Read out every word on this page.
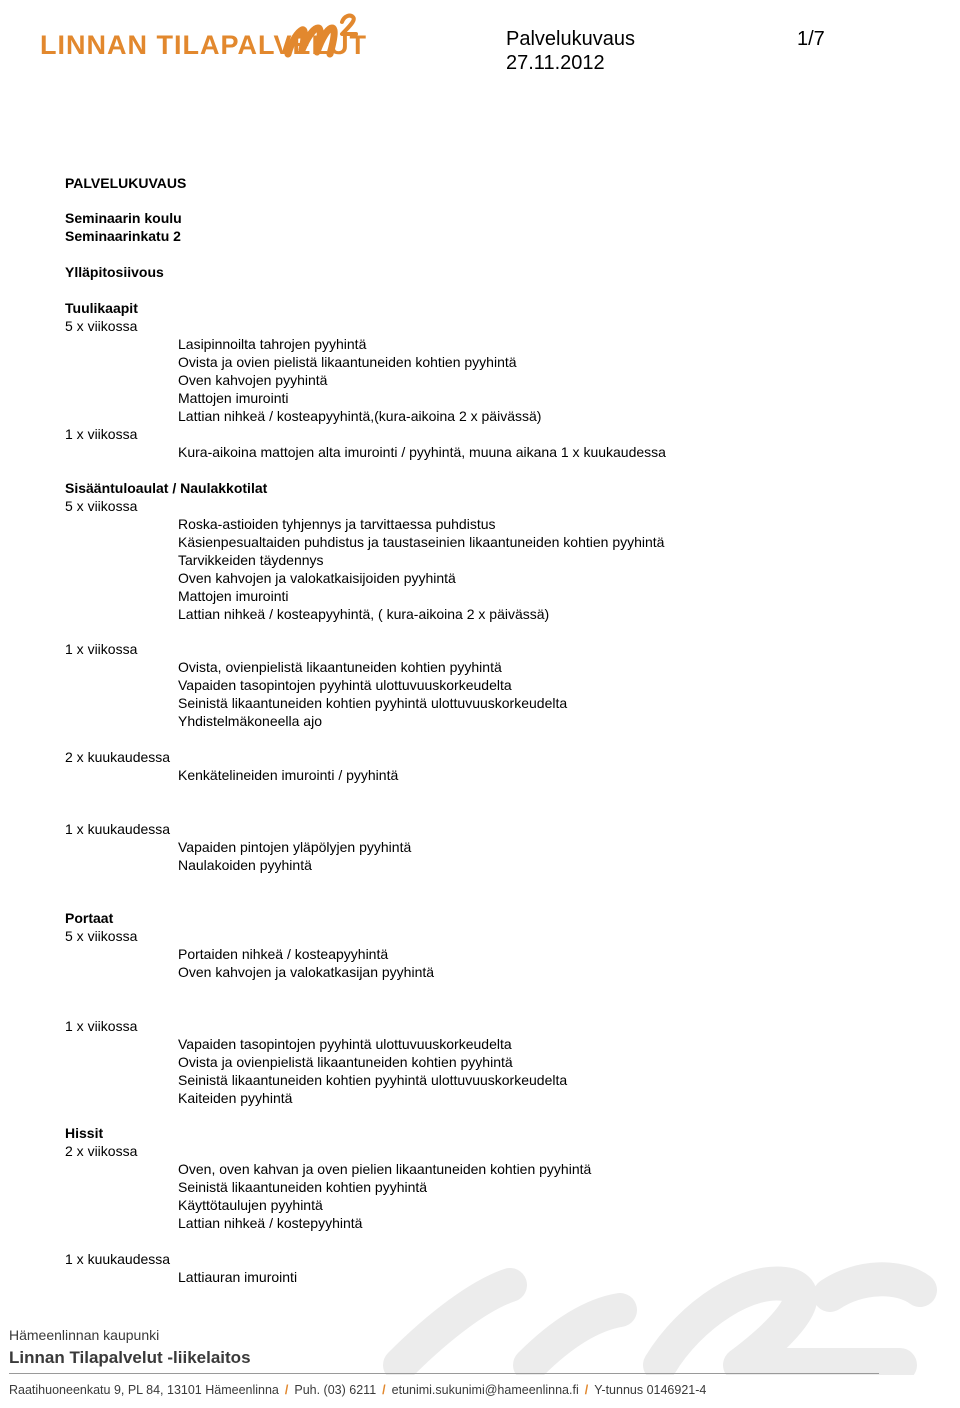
LINNAN TILAPALVELUT	Palvelukuvaus	1/7
27.11.2012
PALVELUKUVAUS
Seminaarin koulu
Seminaarinkatu 2
Ylläpitosiivous
Tuulikaapit
5 x viikossa
Lasipinnoilta tahrojen pyyhintä
Ovista ja ovien pielistä likaantuneiden kohtien pyyhintä
Oven kahvojen pyyhintä
Mattojen imurointi
Lattian nihkeä / kosteapyyhintä,(kura-aikoina 2 x päivässä)
1 x viikossa
Kura-aikoina mattojen alta imurointi / pyyhintä, muuna aikana 1 x kuukaudessa
Sisääntuloaulat / Naulakkotilat
5 x viikossa
Roska-astioiden tyhjennys ja tarvittaessa puhdistus
Käsienpesualtaiden puhdistus ja taustaseinien likaantuneiden kohtien pyyhintä
Tarvikkeiden täydennys
Oven kahvojen ja valokatkaisijoiden pyyhintä
Mattojen imurointi
Lattian nihkeä / kosteapyyhintä, ( kura-aikoina 2 x päivässä)
1 x viikossa
Ovista, ovienpielistä likaantuneiden kohtien pyyhintä
Vapaiden tasopintojen pyyhintä ulottuvuuskorkeudelta
Seinistä likaantuneiden kohtien pyyhintä ulottuvuuskorkeudelta
Yhdistelmäkoneella ajo
2 x kuukaudessa
Kenkätelineiden imurointi / pyyhintä
1 x kuukaudessa
Vapaiden pintojen yläpölyjen pyyhintä
Naulakoiden pyyhintä
Portaat
5 x viikossa
Portaiden nihkeä / kosteapyyhintä
Oven kahvojen ja valokatkasijan pyyhintä
1 x viikossa
Vapaiden tasopintojen pyyhintä ulottuvuuskorkeudelta
Ovista ja ovienpielistä likaantuneiden kohtien pyyhintä
Seinistä likaantuneiden kohtien pyyhintä ulottuvuuskorkeudelta
Kaiteiden pyyhintä
Hissit
2 x viikossa
Oven, oven kahvan ja oven pielien likaantuneiden kohtien pyyhintä
Seinistä likaantuneiden kohtien pyyhintä
Käyttötaulujen pyyhintä
Lattian nihkeä / kostepyyhintä
1 x kuukaudessa
Lattiauran imurointi
Hämeenlinnan kaupunki
Linnan Tilapalvelut -liikelaitos
Raatihuoneenkatu 9, PL 84, 13101 Hämeenlinna / Puh. (03) 6211 / etunimi.sukunimi@hameenlinna.fi / Y-tunnus 0146921-4
